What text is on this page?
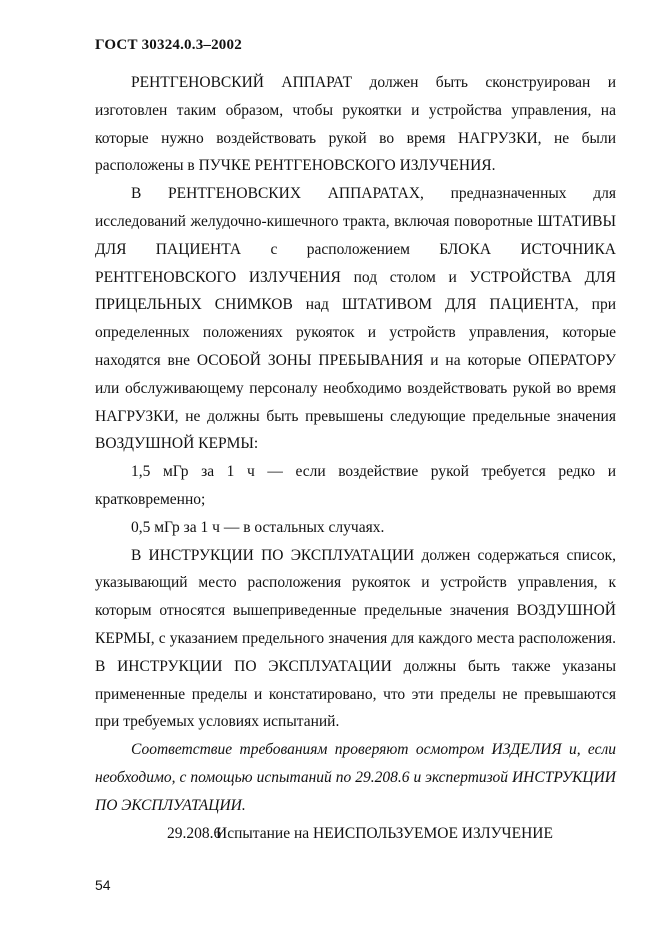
ГОСТ 30324.0.3–2002

РЕНТГЕНОВСКИЙ АППАРАТ должен быть сконструирован и изготовлен таким образом, чтобы рукоятки и устройства управления, на которые нужно воздействовать рукой во время НАГРУЗКИ, не были расположены в ПУЧКЕ РЕНТГЕНОВСКОГО ИЗЛУЧЕНИЯ.

В РЕНТГЕНОВСКИХ АППАРАТАХ, предназначенных для исследований желудочно-кишечного тракта, включая поворотные ШТАТИВЫ ДЛЯ ПАЦИЕНТА с расположением БЛОКА ИСТОЧНИКА РЕНТГЕНОВСКОГО ИЗЛУЧЕНИЯ под столом и УСТРОЙСТВА ДЛЯ ПРИЦЕЛЬНЫХ СНИМКОВ над ШТАТИВОМ ДЛЯ ПАЦИЕНТА, при определенных положениях рукояток и устройств управления, которые находятся вне ОСОБОЙ ЗОНЫ ПРЕБЫВАНИЯ и на которые ОПЕРАТОРУ или обслуживающему персоналу необходимо воздействовать рукой во время НАГРУЗКИ, не должны быть превышены следующие предельные значения ВОЗДУШНОЙ КЕРМЫ:

1,5 мГр за 1 ч — если воздействие рукой требуется редко и кратковременно;

0,5 мГр за 1 ч — в остальных случаях.

В ИНСТРУКЦИИ ПО ЭКСПЛУАТАЦИИ должен содержаться список, указывающий место расположения рукояток и устройств управления, к которым относятся вышеприведенные предельные значения ВОЗДУШНОЙ КЕРМЫ, с указанием предельного значения для каждого места расположения. В ИНСТРУКЦИИ ПО ЭКСПЛУАТАЦИИ должны быть также указаны примененные пределы и констатировано, что эти пределы не превышаются при требуемых условиях испытаний.

Соответствие требованиям проверяют осмотром ИЗДЕЛИЯ и, если необходимо, с помощью испытаний по 29.208.6 и экспертизой ИНСТРУКЦИИ ПО ЭКСПЛУАТАЦИИ.

29.208.6Испытание на НЕИСПОЛЬЗУЕМОЕ ИЗЛУЧЕНИЕ

54
